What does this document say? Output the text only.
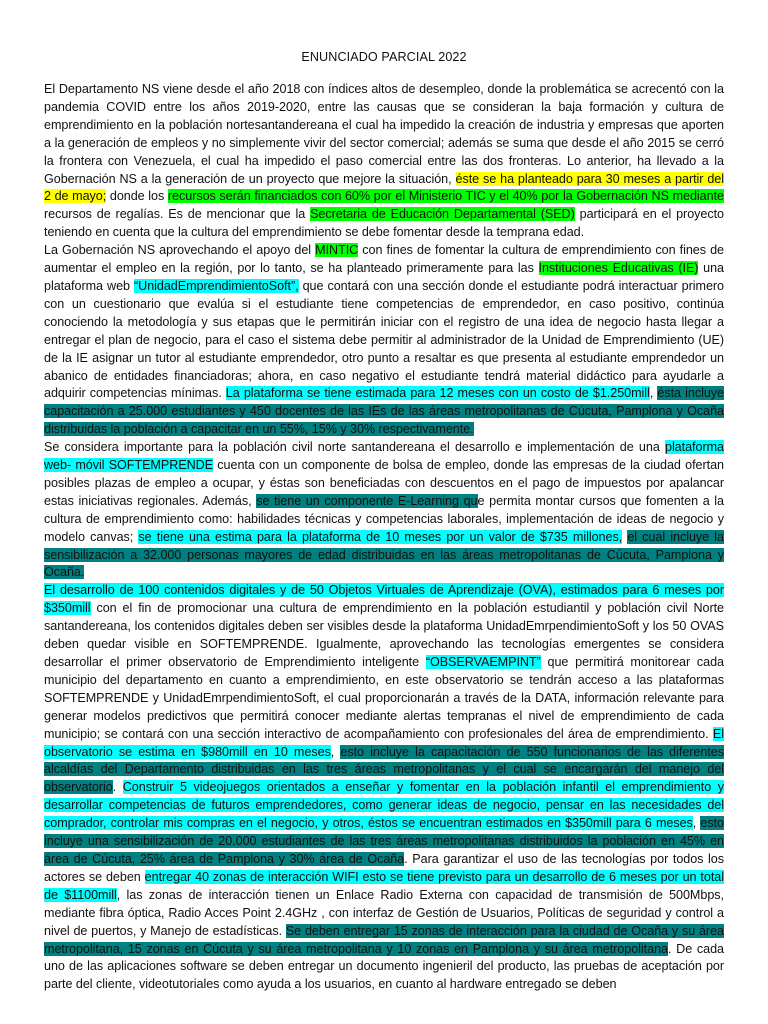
ENUNCIADO PARCIAL 2022

El Departamento NS viene desde el año 2018 con índices altos de desempleo, donde la problemática se acrecentó con la pandemia COVID entre los años 2019-2020, entre las causas que se consideran la baja formación y cultura de emprendimiento en la población nortesantandereana el cual ha impedido la creación de industria y empresas que aporten a la generación de empleos y no simplemente vivir del sector comercial; además se suma que desde el año 2015 se cerró la frontera con Venezuela, el cual ha impedido el paso comercial entre las dos fronteras. Lo anterior, ha llevado a la Gobernación NS a la generación de un proyecto que mejore la situación, éste se ha planteado para 30 meses a partir del 2 de mayo; donde los recursos serán financiados con 60% por el Ministerio TIC y el 40% por la Gobernación NS mediante recursos de regalías. Es de mencionar que la Secretaria de Educación Departamental (SED) participará en el proyecto teniendo en cuenta que la cultura del emprendimiento se debe fomentar desde la temprana edad.

La Gobernación NS aprovechando el apoyo del MINTIC con fines de fomentar la cultura de emprendimiento con fines de aumentar el empleo en la región, por lo tanto, se ha planteado primeramente para las Instituciones Educativas (IE) una plataforma web “UnidadEmprendimientoSoft”, que contará con una sección donde el estudiante podrá interactuar primero con un cuestionario que evalúa si el estudiante tiene competencias de emprendedor, en caso positivo, continúa conociendo la metodología y sus etapas que le permitirán iniciar con el registro de una idea de negocio hasta llegar a entregar el plan de negocio, para el caso el sistema debe permitir al administrador de la Unidad de Emprendimiento (UE) de la IE asignar un tutor al estudiante emprendedor, otro punto a resaltar es que presenta al estudiante emprendedor un abanico de entidades financiadoras; ahora, en caso negativo el estudiante tendrá material didáctico para ayudarle a adquirir competencias mínimas. La plataforma se tiene estimada para 12 meses con un costo de $1.250mill, ésta incluye capacitación a 25.000 estudiantes y 450 docentes de las IEs de las áreas metropolitanas de Cúcuta, Pamplona y Ocaña distribuidas la población a capacitar en un 55%, 15% y 30% respectivamente.

Se considera importante para la población civil norte santandereana el desarrollo e implementación de una plataforma web- móvil SOFTEMPRENDE cuenta con un componente de bolsa de empleo, donde las empresas de la ciudad ofertan posibles plazas de empleo a ocupar, y éstas son beneficiadas con descuentos en el pago de impuestos por apalancar estas iniciativas regionales. Además, se tiene un componente E-Learning que permita montar cursos que fomenten a la cultura de emprendimiento como: habilidades técnicas y competencias laborales, implementación de ideas de negocio y modelo canvas; se tiene una estima para la plataforma de 10 meses por un valor de $735 millones, el cual incluye la sensibilización a 32.000 personas mayores de edad distribuidas en las áreas metropolitanas de Cúcuta, Pamplona y Ocaña.

El desarrollo de 100 contenidos digitales y de 50 Objetos Virtuales de Aprendizaje (OVA), estimados para 6 meses por $350mill con el fin de promocionar una cultura de emprendimiento en la población estudiantil y población civil Norte santandereana, los contenidos digitales deben ser visibles desde la plataforma UnidadEmrpendimientoSoft y los 50 OVAS deben quedar visible en SOFTEMPRENDE. Igualmente, aprovechando las tecnologías emergentes se considera desarrollar el primer observatorio de Emprendimiento inteligente “OBSERVAEMPINT” que permitirá monitorear cada municipio del departamento en cuanto a emprendimiento, en este observatorio se tendrán acceso a las plataformas SOFTEMPRENDE y UnidadEmrpendimientoSoft, el cual proporcionarán a través de la DATA, información relevante para generar modelos predictivos que permitirá conocer mediante alertas tempranas el nivel de emprendimiento de cada municipio; se contará con una sección interactivo de acompañamiento con profesionales del área de emprendimiento. El observatorio se estima en $980mill en 10 meses, esto incluye la capacitación de 550 funcionarios de las diferentes alcaldías del Departamento distribuidas en las tres áreas metropolitanas y el cual se encargarán del manejo del observatorio. Construir 5 videojuegos orientados a enseñar y fomentar en la población infantil el emprendimiento y desarrollar competencias de futuros emprendedores, como generar ideas de negocio, pensar en las necesidades del comprador, controlar mis compras en el negocio, y otros, éstos se encuentran estimados en $350mill para 6 meses, esto incluye una sensibilización de 20.000 estudiantes de las tres áreas metropolitanas distribuidos la población en 45% en área de Cúcuta, 25% área de Pamplona y 30% área de Ocaña. Para garantizar el uso de las tecnologías por todos los actores se deben entregar 40 zonas de interacción WIFI esto se tiene previsto para un desarrollo de 6 meses por un total de $1100mill, las zonas de interacción tienen un Enlace Radio Externa con capacidad de transmisión de 500Mbps, mediante fibra óptica, Radio Acces Point 2.4GHz , con interfaz de Gestión de Usuarios, Políticas de seguridad y control a nivel de puertos, y Manejo de estadísticas. Se deben entregar 15 zonas de interacción para la ciudad de Ocaña y su área metropolitana, 15 zonas en Cúcuta y su área metropolitana y 10 zonas en Pamplona y su área metropolitana. De cada uno de las aplicaciones software se deben entregar un documento ingenieril del producto, las pruebas de aceptación por parte del cliente, videotutoriales como ayuda a los usuarios, en cuanto al hardware entregado se deben
